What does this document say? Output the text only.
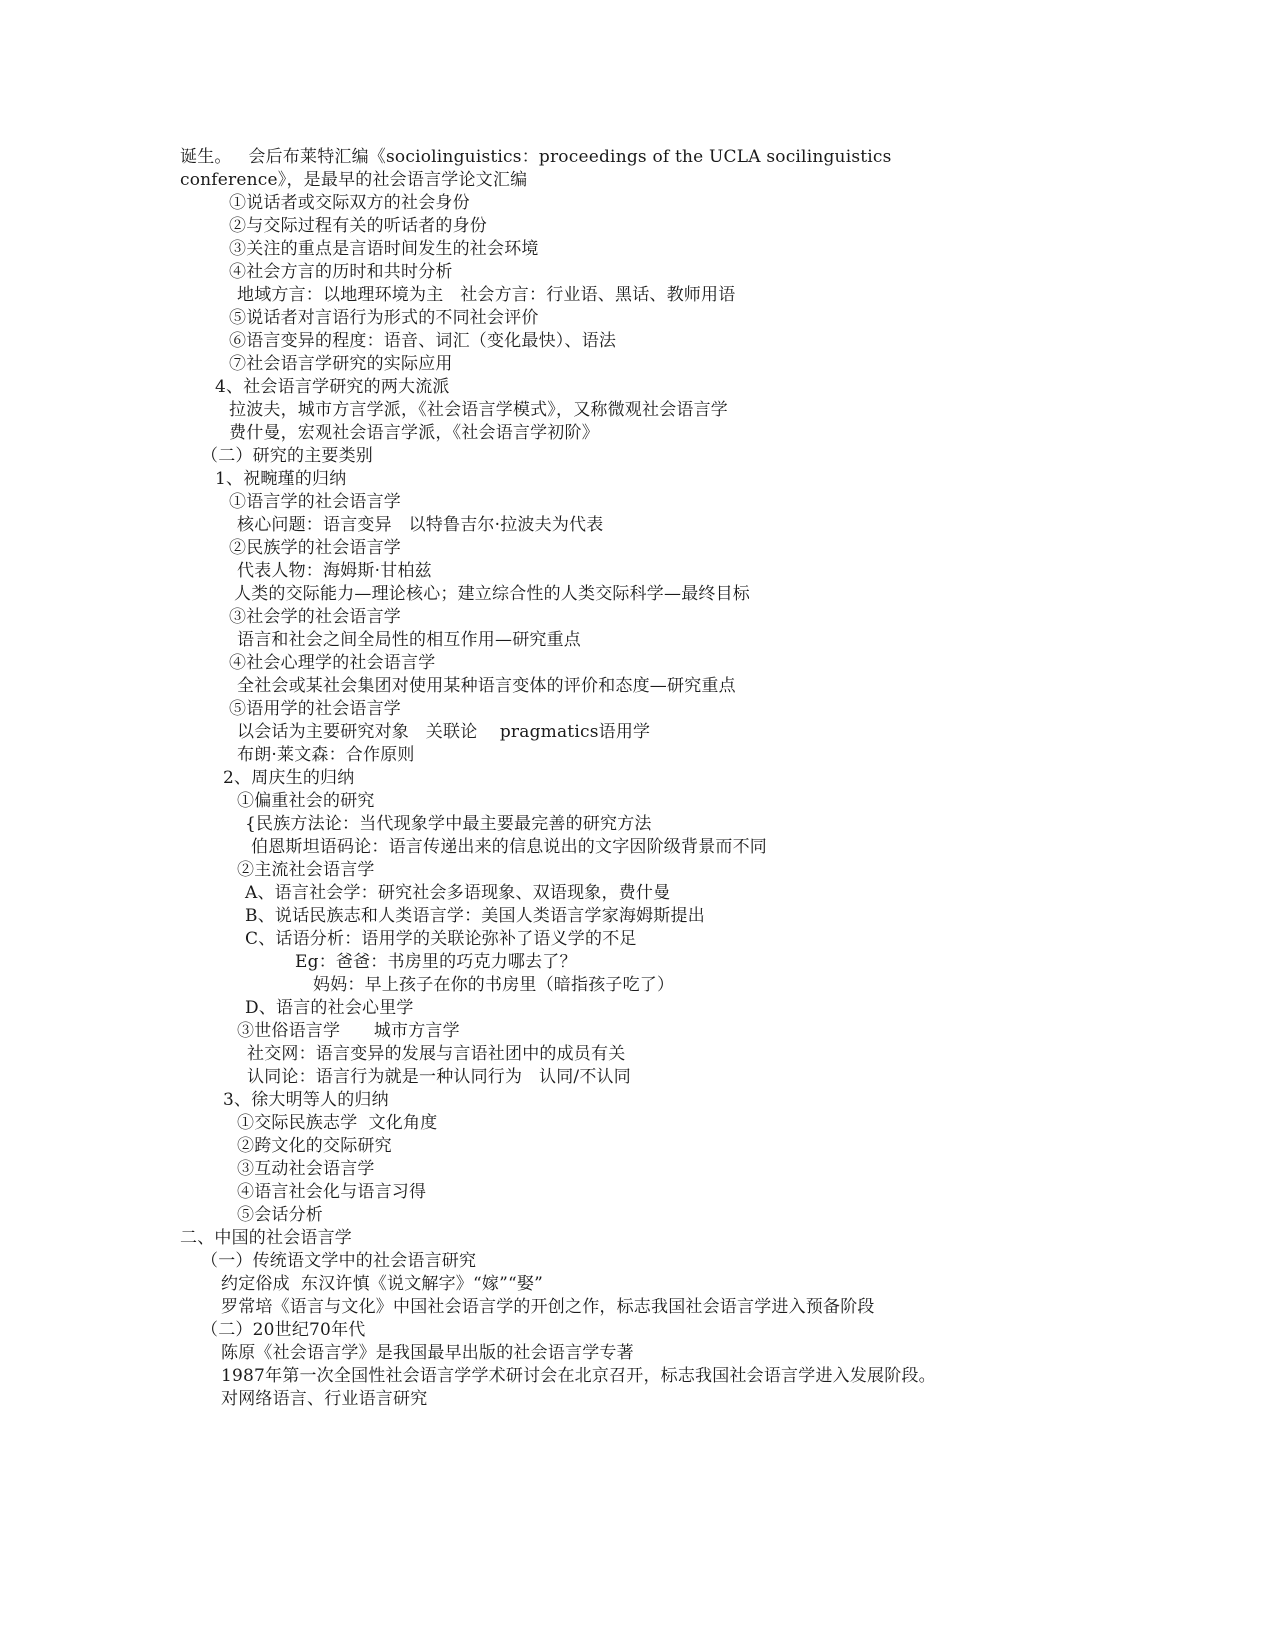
诞生。   会后布莱特汇编《sociolinguistics：proceedings of the UCLA socilinguistics
conference》，是最早的社会语言学论文汇编
①说话者或交际双方的社会身份
②与交际过程有关的听话者的身份
③关注的重点是言语时间发生的社会环境
④社会方言的历时和共时分析
地域方言：以地理环境为主   社会方言：行业语、黑话、教师用语
⑤说话者对言语行为形式的不同社会评价
⑥语言变异的程度：语音、词汇（变化最快）、语法
⑦社会语言学研究的实际应用
4、社会语言学研究的两大流派
拉波夫，城市方言学派，《社会语言学模式》，又称微观社会语言学
费什曼，宏观社会语言学派，《社会语言学初阶》
（二）研究的主要类别
1、祝畹瑾的归纳
①语言学的社会语言学
核心问题：语言变异   以特鲁吉尔·拉波夫为代表
②民族学的社会语言学
代表人物：海姆斯·甘柏兹
人类的交际能力—理论核心；建立综合性的人类交际科学—最终目标
③社会学的社会语言学
语言和社会之间全局性的相互作用—研究重点
④社会心理学的社会语言学
全社会或某社会集团对使用某种语言变体的评价和态度—研究重点
⑤语用学的社会语言学
以会话为主要研究对象   关联论    pragmatics语用学
布朗·莱文森：合作原则
2、周庆生的归纳
①偏重社会的研究
{民族方法论：当代现象学中最主要最完善的研究方法
伯恩斯坦语码论：语言传递出来的信息说出的文字因阶级背景而不同
②主流社会语言学
A、语言社会学：研究社会多语现象、双语现象，费什曼
B、说话民族志和人类语言学：美国人类语言学家海姆斯提出
C、话语分析：语用学的关联论弥补了语义学的不足
Eg：爸爸：书房里的巧克力哪去了？
妈妈：早上孩子在你的书房里（暗指孩子吃了）
D、语言的社会心里学
③世俗语言学      城市方言学
社交网：语言变异的发展与言语社团中的成员有关
认同论：语言行为就是一种认同行为   认同/不认同
3、徐大明等人的归纳
①交际民族志学  文化角度
②跨文化的交际研究
③互动社会语言学
④语言社会化与语言习得
⑤会话分析
二、中国的社会语言学
（一）传统语文学中的社会语言研究
约定俗成  东汉许慎《说文解字》“嫁”“娶”
罗常培《语言与文化》中国社会语言学的开创之作，标志我国社会语言学进入预备阶段
（二）20世纪70年代
陈原《社会语言学》是我国最早出版的社会语言学专著
1987年第一次全国性社会语言学学术研讨会在北京召开，标志我国社会语言学进入发展阶段。
对网络语言、行业语言研究
